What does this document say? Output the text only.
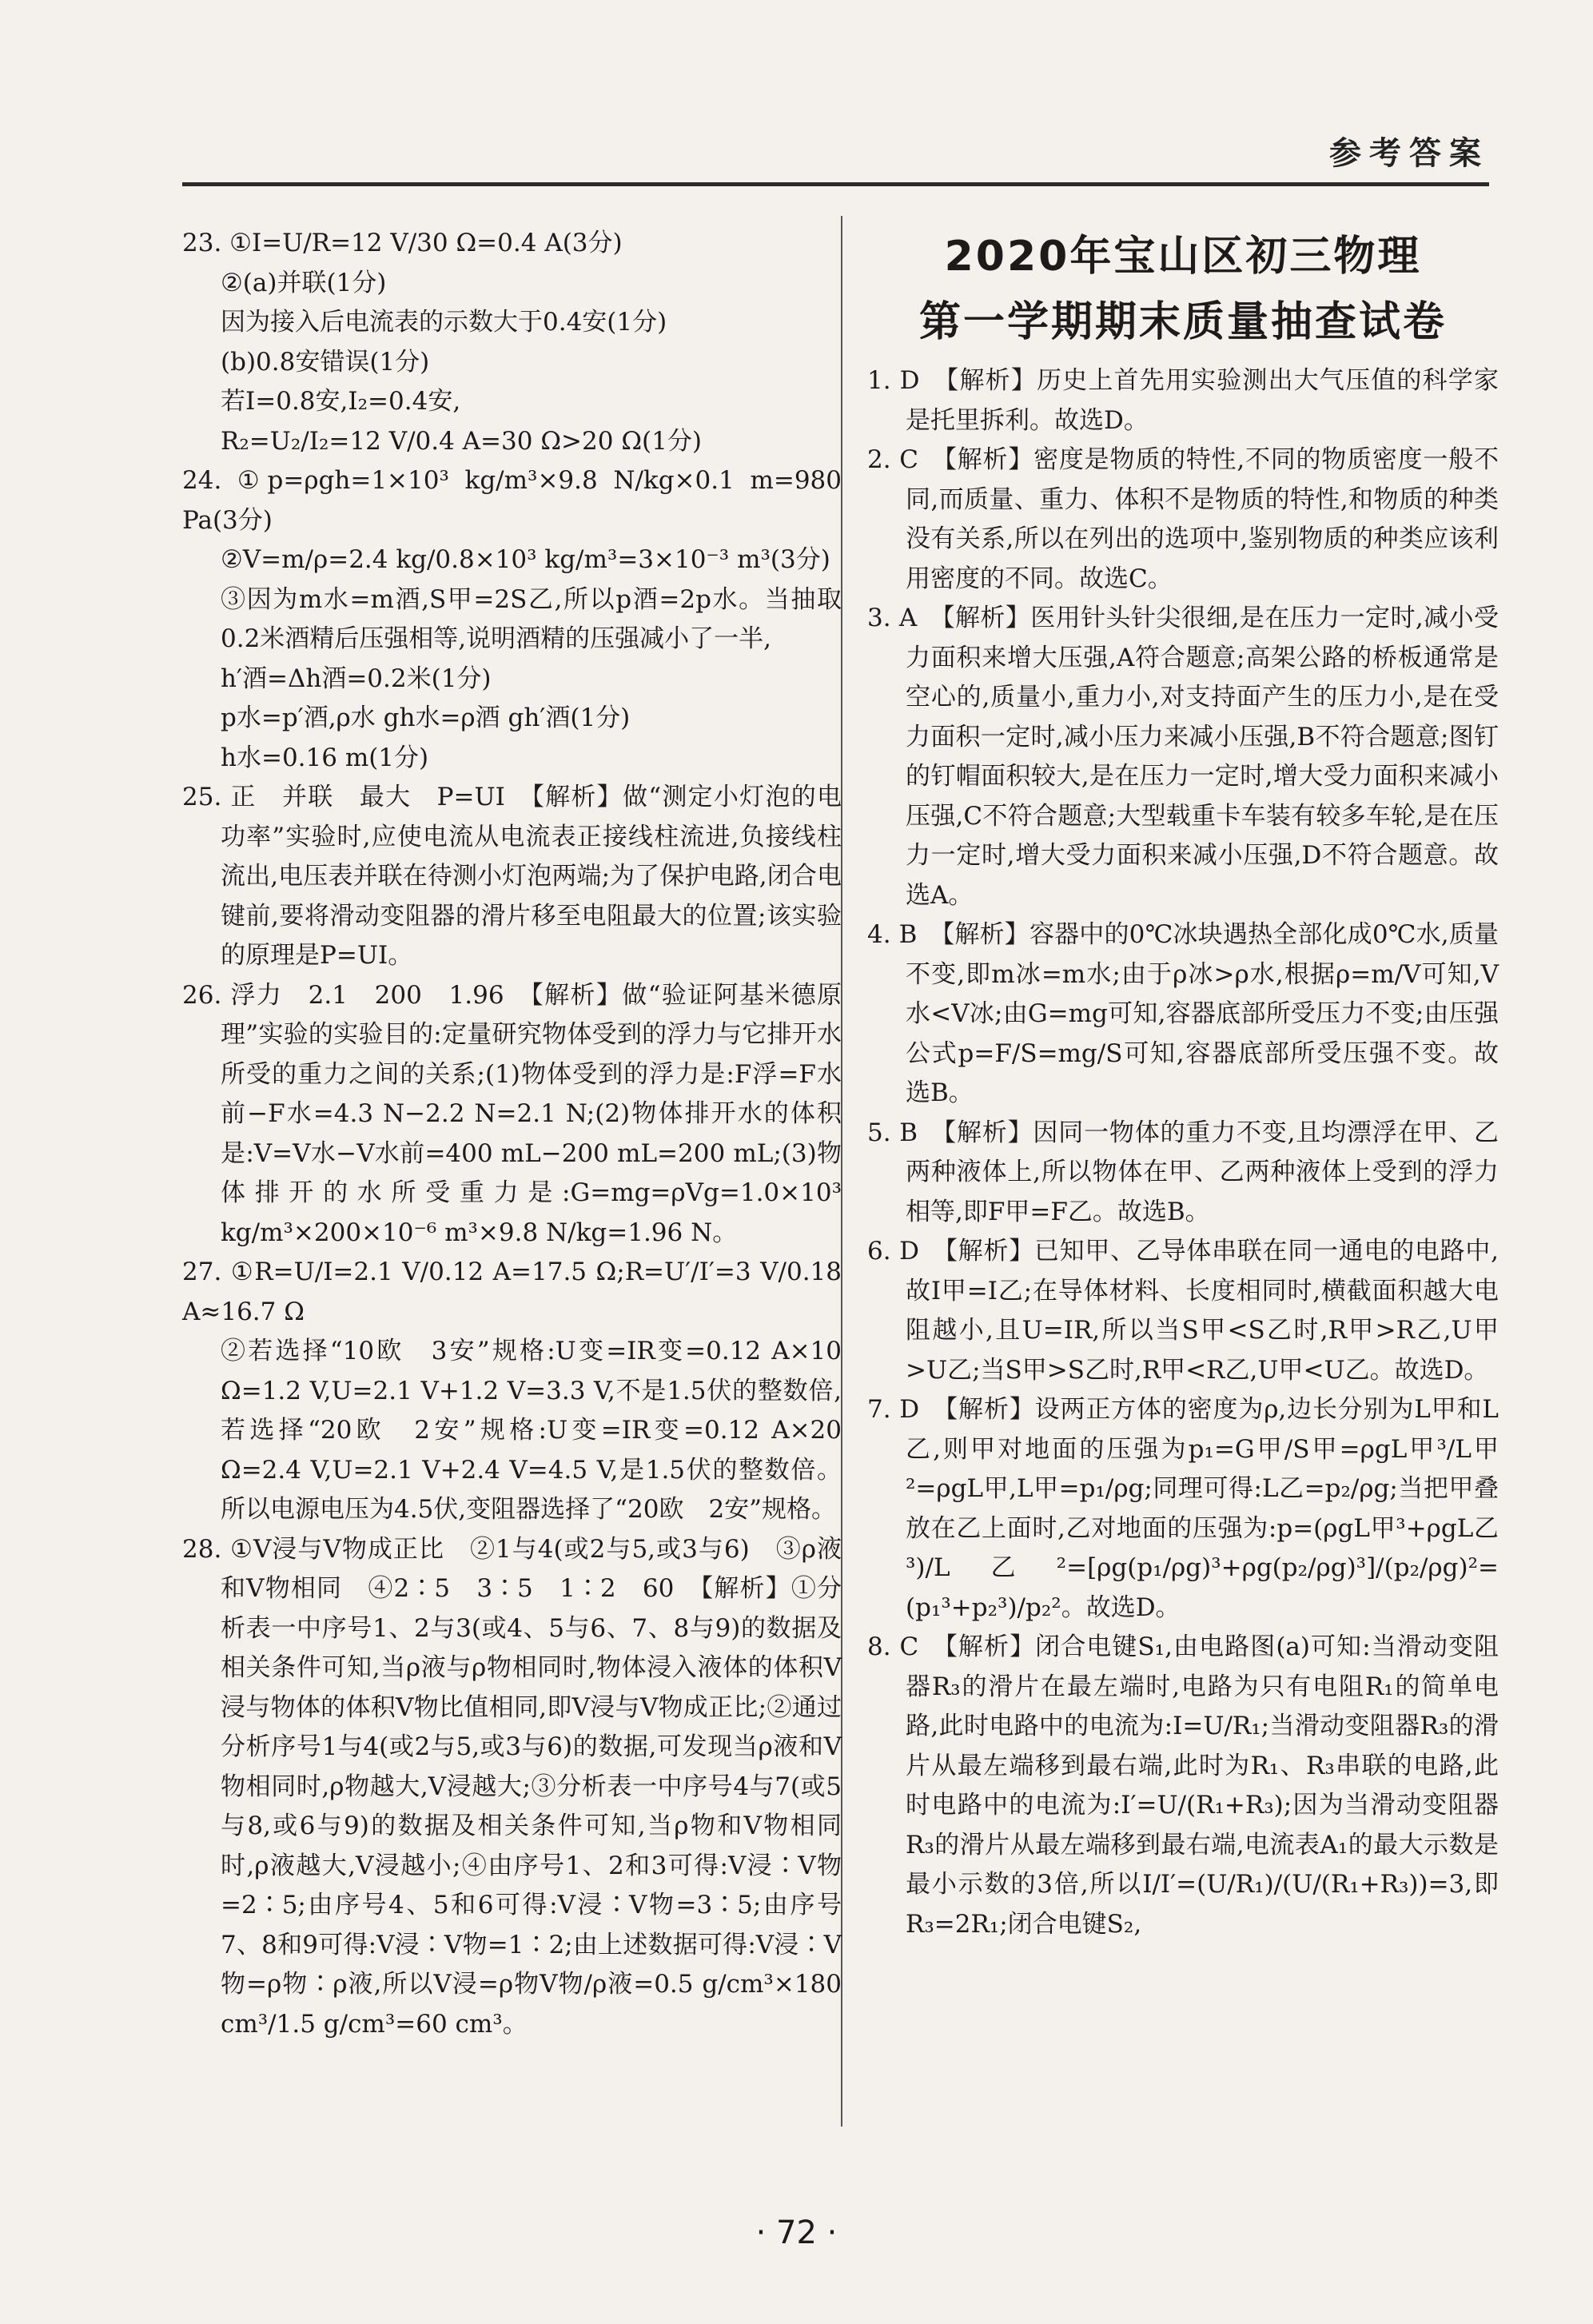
参考答案

23. ①I=U/R=12 V/30 Ω=0.4 A(3分)

②(a)并联(1分)

因为接入后电流表的示数大于0.4安(1分)

(b)0.8安错误(1分)

若I=0.8安,I₂=0.4安,

R₂=U₂/I₂=12 V/0.4 A=30 Ω>20 Ω(1分)

24. ①p=ρgh=1×10³ kg/m³×9.8 N/kg×0.1 m=980 Pa(3分)

②V=m/ρ=2.4 kg/0.8×10³ kg/m³=3×10⁻³ m³(3分)

③因为m水=m酒,S甲=2S乙,所以p酒=2p水。当抽取0.2米酒精后压强相等,说明酒精的压强减小了一半,

h′酒=Δh酒=0.2米(1分)

p水=p′酒,ρ水 gh水=ρ酒 gh′酒(1分)

h水=0.16 m(1分)

25. 正　并联　最大　P=UI　【解析】做“测定小灯泡的电功率”实验时,应使电流从电流表正接线柱流进,负接线柱流出,电压表并联在待测小灯泡两端;为了保护电路,闭合电键前,要将滑动变阻器的滑片移至电阻最大的位置;该实验的原理是P=UI。

26. 浮力　2.1　200　1.96　【解析】做“验证阿基米德原理”实验的实验目的:定量研究物体受到的浮力与它排开水所受的重力之间的关系;(1)物体受到的浮力是:F浮=F水前−F水=4.3 N−2.2 N=2.1 N;(2)物体排开水的体积是:V=V水−V水前=400 mL−200 mL=200 mL;(3)物体排开的水所受重力是:G=mg=ρVg=1.0×10³ kg/m³×200×10⁻⁶ m³×9.8 N/kg=1.96 N。

27. ①R=U/I=2.1 V/0.12 A=17.5 Ω;R=U′/I′=3 V/0.18 A≈16.7 Ω

②若选择“10欧　3安”规格:U变=IR变=0.12 A×10 Ω=1.2 V,U=2.1 V+1.2 V=3.3 V,不是1.5伏的整数倍,若选择“20欧　2安”规格:U变=IR变=0.12 A×20 Ω=2.4 V,U=2.1 V+2.4 V=4.5 V,是1.5伏的整数倍。所以电源电压为4.5伏,变阻器选择了“20欧　2安”规格。

28. ①V浸与V物成正比　②1与4(或2与5,或3与6)　③ρ液和V物相同　④2∶5　3∶5　1∶2　60　【解析】①分析表一中序号1、2与3(或4、5与6、7、8与9)的数据及相关条件可知,当ρ液与ρ物相同时,物体浸入液体的体积V浸与物体的体积V物比值相同,即V浸与V物成正比;②通过分析序号1与4(或2与5,或3与6)的数据,可发现当ρ液和V物相同时,ρ物越大,V浸越大;③分析表一中序号4与7(或5与8,或6与9)的数据及相关条件可知,当ρ物和V物相同时,ρ液越大,V浸越小;④由序号1、2和3可得:V浸∶V物=2∶5;由序号4、5和6可得:V浸∶V物=3∶5;由序号7、8和9可得:V浸∶V物=1∶2;由上述数据可得:V浸∶V物=ρ物∶ρ液,所以V浸=ρ物V物/ρ液=0.5 g/cm³×180 cm³/1.5 g/cm³=60 cm³。

2020年宝山区初三物理
第一学期期末质量抽查试卷

1. D　【解析】历史上首先用实验测出大气压值的科学家是托里拆利。故选D。

2. C　【解析】密度是物质的特性,不同的物质密度一般不同,而质量、重力、体积不是物质的特性,和物质的种类没有关系,所以在列出的选项中,鉴别物质的种类应该利用密度的不同。故选C。

3. A　【解析】医用针头针尖很细,是在压力一定时,减小受力面积来增大压强,A符合题意;高架公路的桥板通常是空心的,质量小,重力小,对支持面产生的压力小,是在受力面积一定时,减小压力来减小压强,B不符合题意;图钉的钉帽面积较大,是在压力一定时,增大受力面积来减小压强,C不符合题意;大型载重卡车装有较多车轮,是在压力一定时,增大受力面积来减小压强,D不符合题意。故选A。

4. B　【解析】容器中的0℃冰块遇热全部化成0℃水,质量不变,即m冰=m水;由于ρ冰>ρ水,根据ρ=m/V可知,V水<V冰;由G=mg可知,容器底部所受压力不变;由压强公式p=F/S=mg/S可知,容器底部所受压强不变。故选B。

5. B　【解析】因同一物体的重力不变,且均漂浮在甲、乙两种液体上,所以物体在甲、乙两种液体上受到的浮力相等,即F甲=F乙。故选B。

6. D　【解析】已知甲、乙导体串联在同一通电的电路中,故I甲=I乙;在导体材料、长度相同时,横截面积越大电阻越小,且U=IR,所以当S甲<S乙时,R甲>R乙,U甲>U乙;当S甲>S乙时,R甲<R乙,U甲<U乙。故选D。

7. D　【解析】设两正方体的密度为ρ,边长分别为L甲和L乙,则甲对地面的压强为p₁=G甲/S甲=ρgL甲³/L甲²=ρgL甲,L甲=p₁/ρg;同理可得:L乙=p₂/ρg;当把甲叠放在乙上面时,乙对地面的压强为:p=(ρgL甲³+ρgL乙³)/L乙²=[ρg(p₁/ρg)³+ρg(p₂/ρg)³]/(p₂/ρg)²=(p₁³+p₂³)/p₂²。故选D。

8. C　【解析】闭合电键S₁,由电路图(a)可知:当滑动变阻器R₃的滑片在最左端时,电路为只有电阻R₁的简单电路,此时电路中的电流为:I=U/R₁;当滑动变阻器R₃的滑片从最左端移到最右端,此时为R₁、R₃串联的电路,此时电路中的电流为:I′=U/(R₁+R₃);因为当滑动变阻器R₃的滑片从最左端移到最右端,电流表A₁的最大示数是最小示数的3倍,所以I/I′=(U/R₁)/(U/(R₁+R₃))=3,即R₃=2R₁;闭合电键S₂,

· 72 ·
